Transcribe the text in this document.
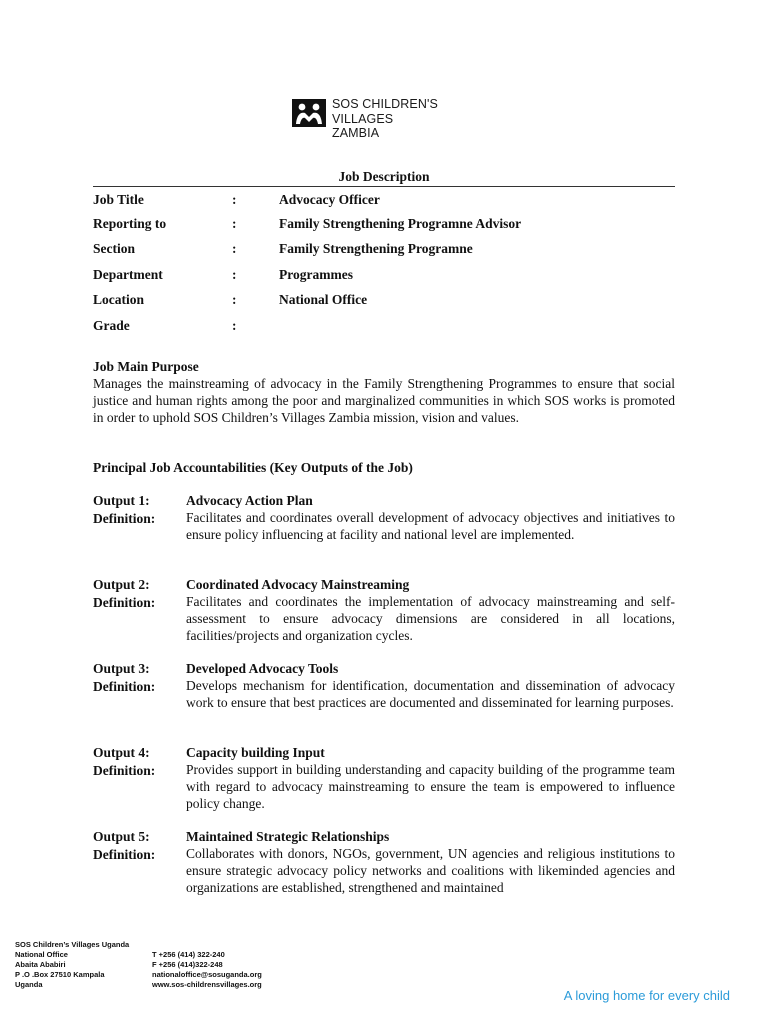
SOS CHILDREN'S
VILLAGES
ZAMBIA
Job Description
Job Title	:	Advocacy Officer
Reporting to	:	Family Strengthening Programne Advisor
Section	:	Family Strengthening Programne
Department	:	Programmes
Location	:	National Office
Grade	:
Job Main Purpose

Manages the mainstreaming of advocacy in the Family Strengthening Programmes to ensure that social justice and human rights among the poor and marginalized communities in which SOS works is promoted in order to uphold SOS Children’s Villages Zambia mission, vision and values.

Principal Job Accountabilities (Key Outputs of the Job)
Output 1:	Advocacy Action Plan
Definition: Facilitates and coordinates overall development of advocacy objectives and initiatives to ensure policy influencing at facility and national level are implemented.

Output 2:	Coordinated Advocacy Mainstreaming
Definition: Facilitates and coordinates the implementation of advocacy mainstreaming and self-assessment to ensure advocacy dimensions are considered in all locations, facilities/projects and organization cycles.

Output 3:	Developed Advocacy Tools
Definition: Develops mechanism for identification, documentation and dissemination of advocacy work to ensure that best practices are documented and disseminated for learning purposes.

Output 4:	Capacity building Input
Definition: Provides support in building understanding and capacity building of the programme team with regard to advocacy mainstreaming to ensure the team is empowered to influence policy change.

Output 5:	Maintained Strategic Relationships
Definition: Collaborates with donors, NGOs, government, UN agencies and religious institutions to ensure strategic advocacy policy networks and coalitions with likeminded agencies and organizations are established, strengthened and maintained

SOS Children’s Villages Uganda
National Office
Abaita Ababiri
P .O .Box 27510 Kampala
Uganda
T +256 (414) 322-240
F +256 (414)322-248
nationaloffice@sosuganda.org
www.sos-childrensvillages.org
A loving home for every child
